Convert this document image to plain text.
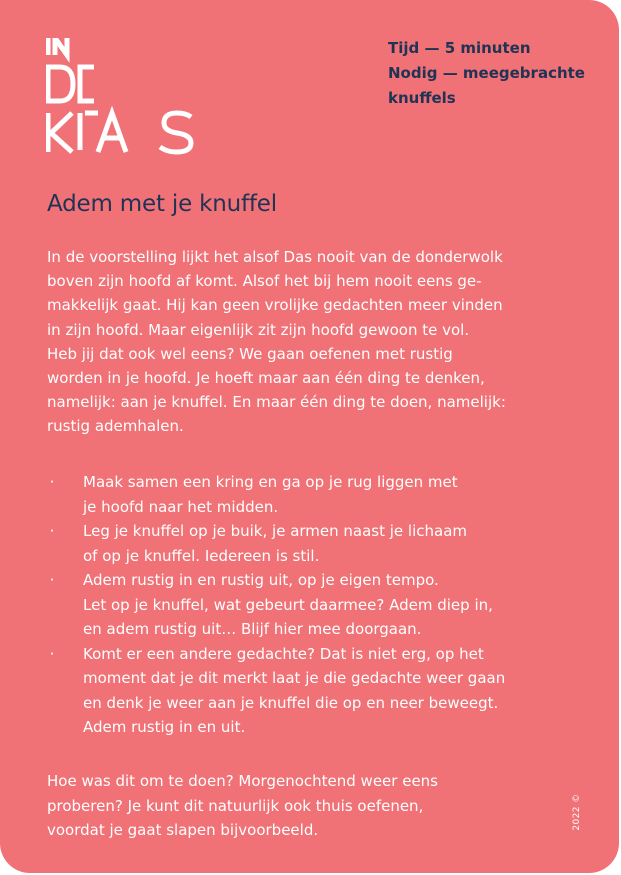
Tijd — 5 minuten
Nodig — meegebrachte
knuffels
Adem met je knuffel
In de voorstelling lijkt het alsof Das nooit van de donderwolk
boven zijn hoofd af komt. Alsof het bij hem nooit eens ge-
makkelijk gaat. Hij kan geen vrolijke gedachten meer vinden
in zijn hoofd. Maar eigenlijk zit zijn hoofd gewoon te vol.
Heb jij dat ook wel eens? We gaan oefenen met rustig
worden in je hoofd. Je hoeft maar aan één ding te denken,
namelijk: aan je knuffel. En maar één ding te doen, namelijk:
rustig ademhalen.
· Maak samen een kring en ga op je rug liggen met
je hoofd naar het midden.
· Leg je knuffel op je buik, je armen naast je lichaam
of op je knuffel. Iedereen is stil.
· Adem rustig in en rustig uit, op je eigen tempo.
Let op je knuffel, wat gebeurt daarmee? Adem diep in,
en adem rustig uit… Blijf hier mee doorgaan.
· Komt er een andere gedachte? Dat is niet erg, op het
moment dat je dit merkt laat je die gedachte weer gaan
en denk je weer aan je knuffel die op en neer beweegt.
Adem rustig in en uit.
Hoe was dit om te doen? Morgenochtend weer eens
proberen? Je kunt dit natuurlijk ook thuis oefenen,
voordat je gaat slapen bijvoorbeeld.	2022 ©
